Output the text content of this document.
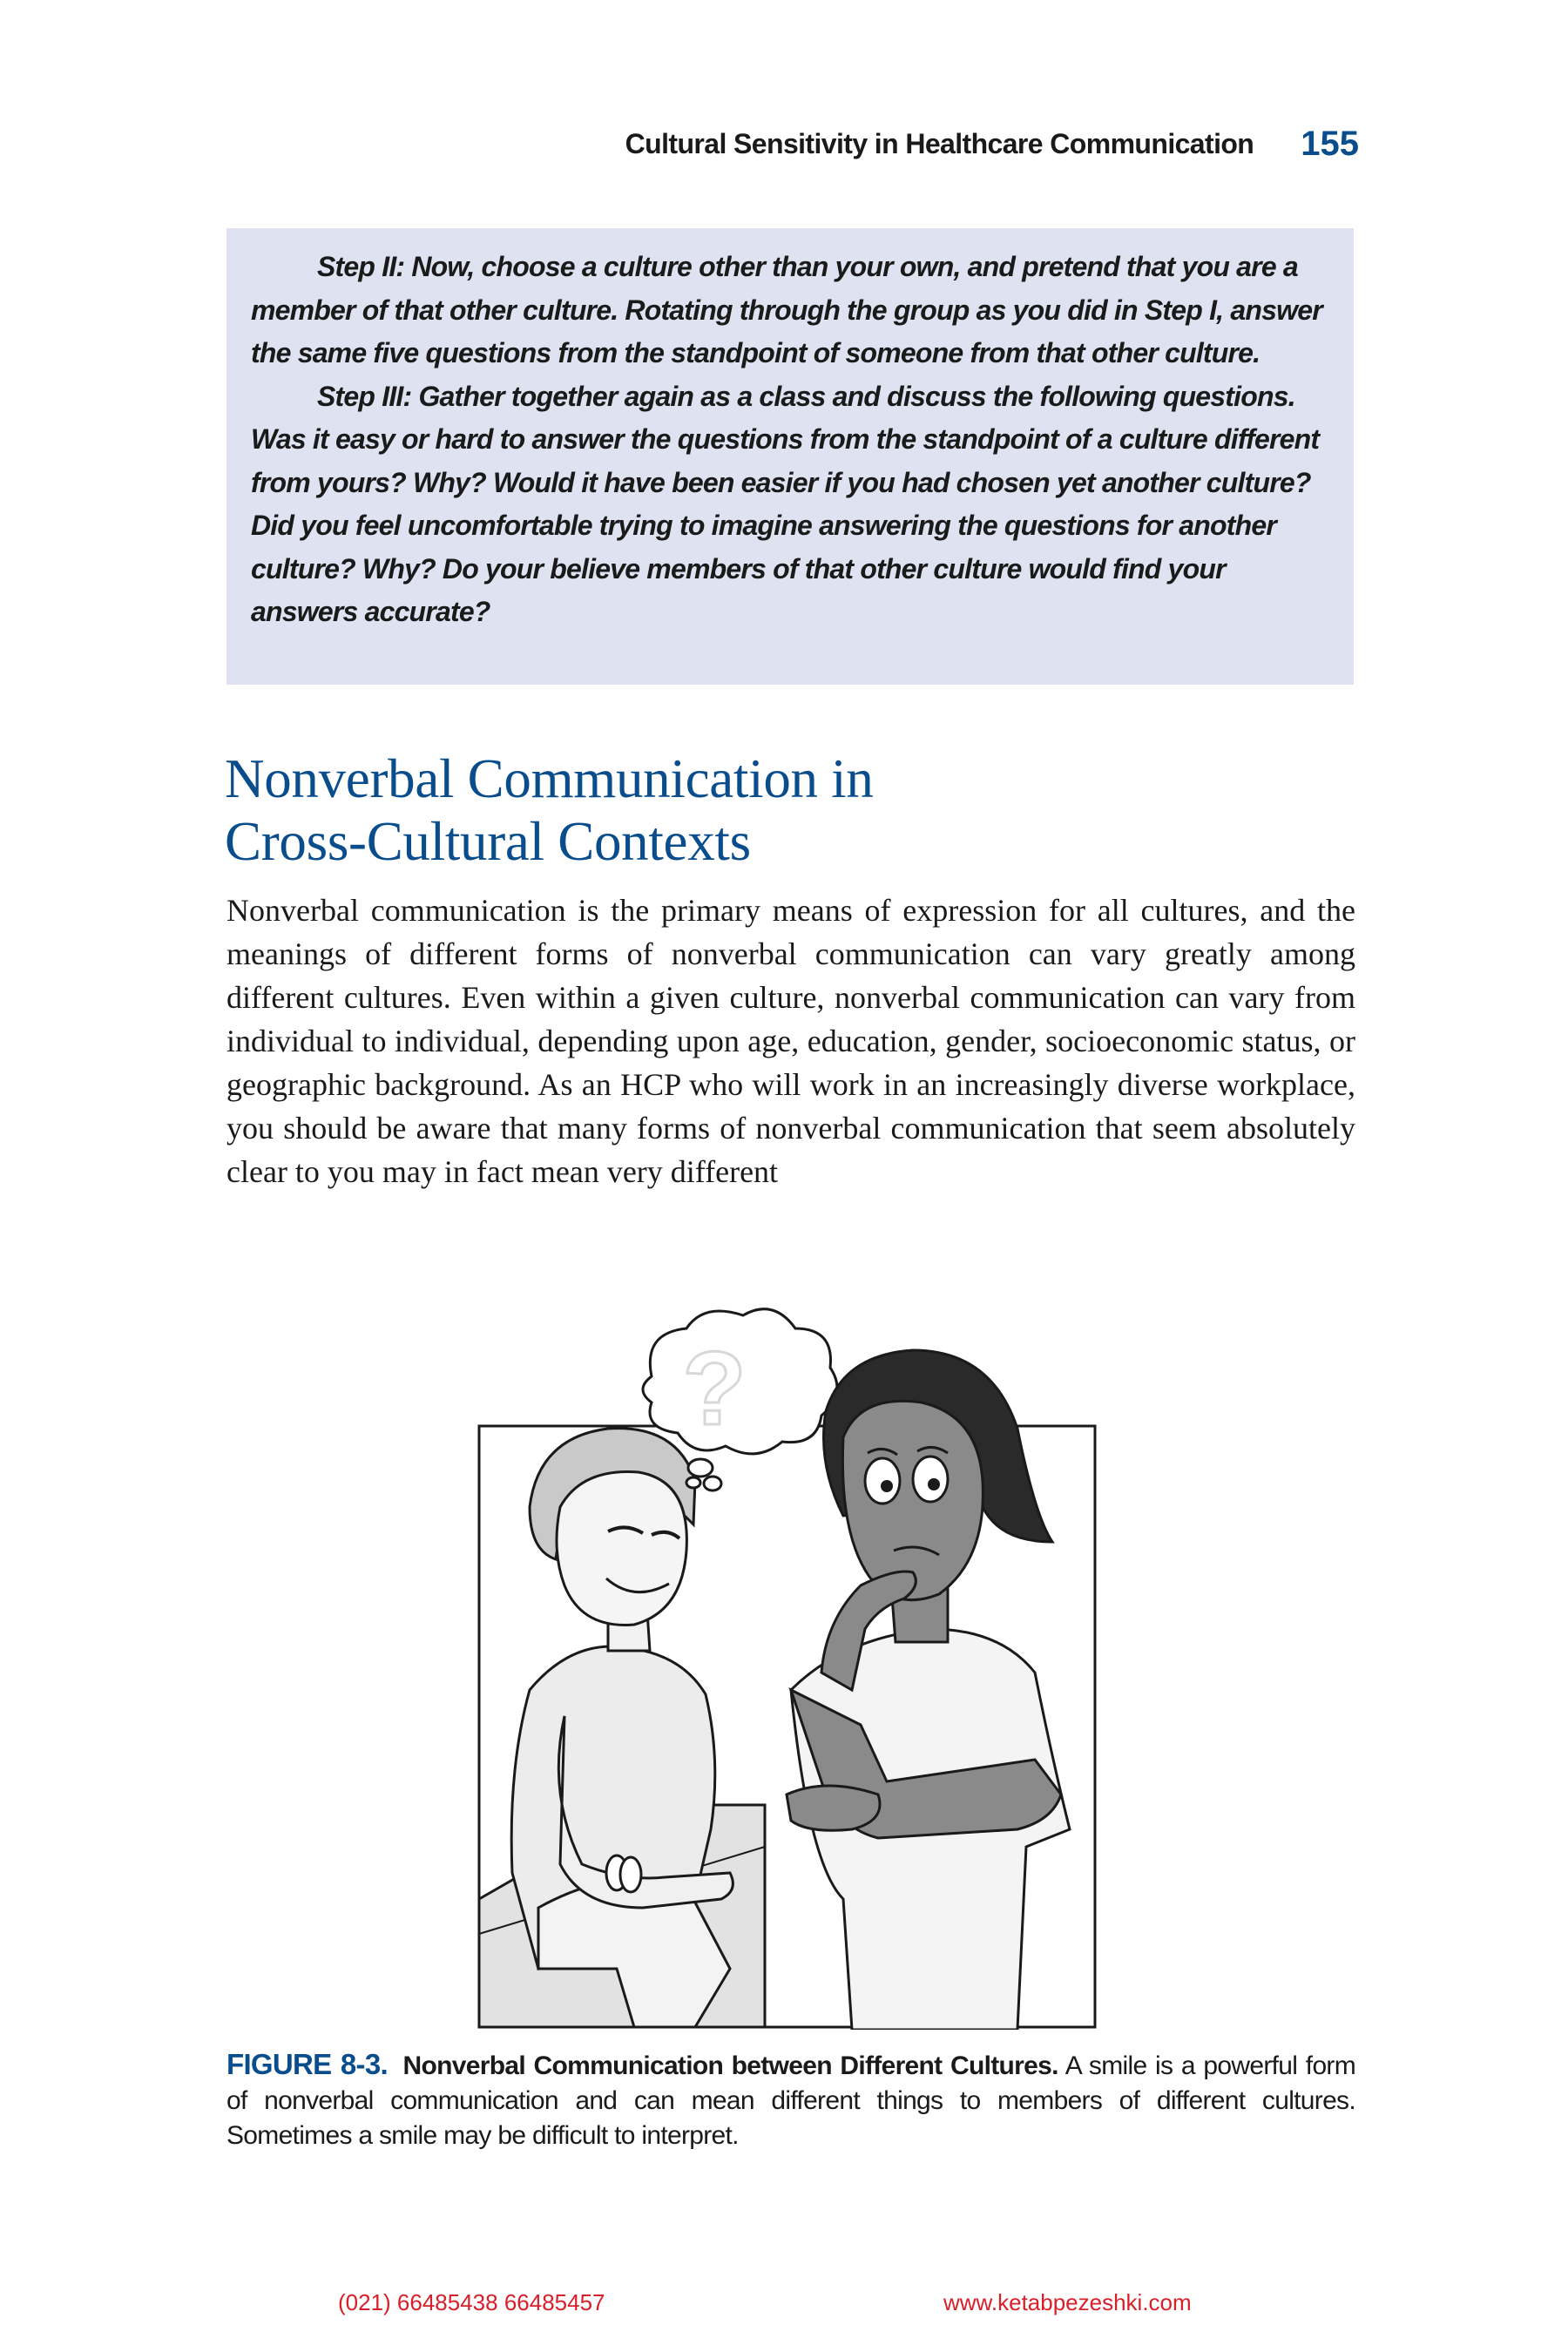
Cultural Sensitivity in Healthcare Communication 155

Step II: Now, choose a culture other than your own, and pretend that you are a member of that other culture. Rotating through the group as you did in Step I, answer the same five questions from the standpoint of someone from that other culture.

Step III: Gather together again as a class and discuss the following questions. Was it easy or hard to answer the questions from the standpoint of a culture different from yours? Why? Would it have been easier if you had chosen yet another culture? Did you feel uncomfortable trying to imagine answering the questions for another culture? Why? Do your believe members of that other culture would find your answers accurate?

Nonverbal Communication in
Cross-Cultural Contexts

Nonverbal communication is the primary means of expression for all cultures, and the meanings of different forms of nonverbal communication can vary greatly among different cultures. Even within a given culture, nonverbal communication can vary from individual to individual, depending upon age, education, gender, socioeconomic status, or geographic background. As an HCP who will work in an increasingly diverse workplace, you should be aware that many forms of nonverbal communication that seem absolutely clear to you may in fact mean very different

?

FIGURE 8-3. Nonverbal Communication between Different Cultures. A smile is a powerful form of nonverbal communication and can mean different things to members of different cultures. Sometimes a smile may be difficult to interpret.

(021) 66485438 66485457	www.ketabpezeshki.com
